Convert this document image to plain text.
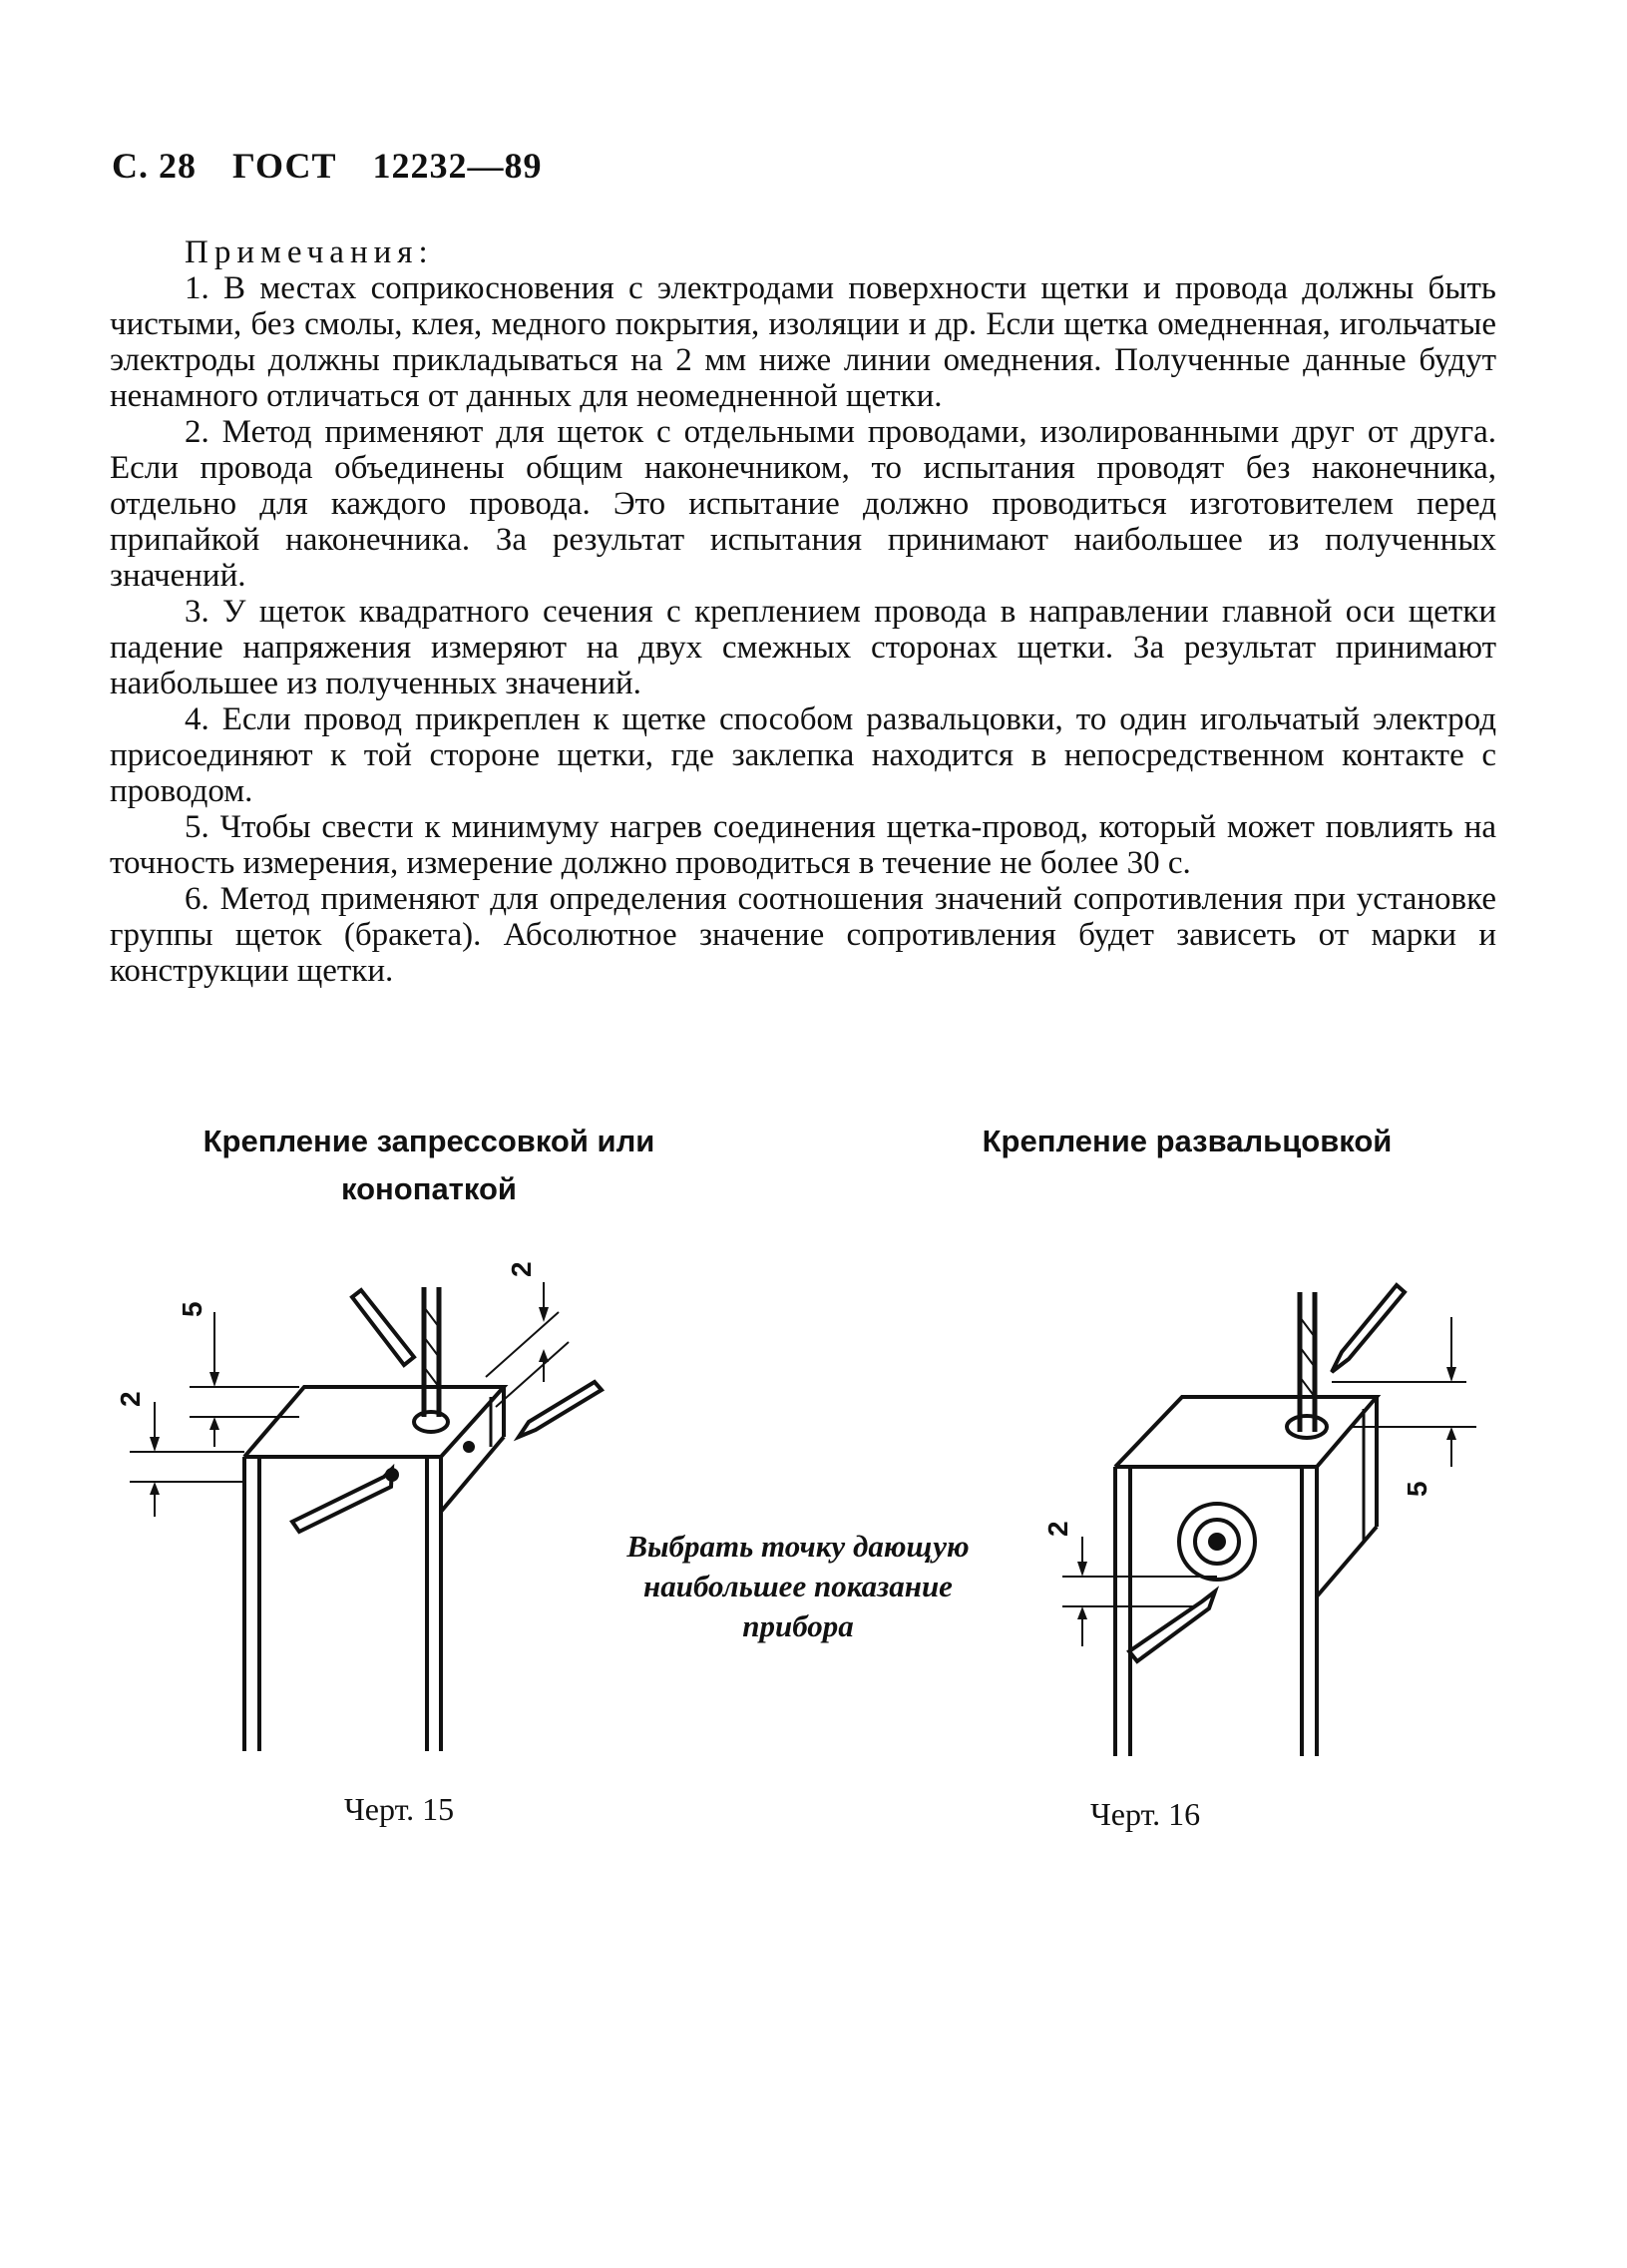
С. 28 ГОСТ 12232—89
Примечания:

1. В местах соприкосновения с электродами поверхности щетки и провода должны быть чистыми, без смолы, клея, медного покрытия, изоляции и др. Если щетка омедненная, игольчатые электроды должны прикладываться на 2 мм ниже линии омеднения. Полученные данные будут ненамного отличаться от данных для неомедненной щетки.

2. Метод применяют для щеток с отдельными проводами, изолированными друг от друга. Если провода объединены общим наконечником, то испытания проводят без наконечника, отдельно для каждого провода. Это испытание должно проводиться изготовителем перед припайкой наконечника. За результат испытания принимают наибольшее из полученных значений.

3. У щеток квадратного сечения с креплением провода в направлении главной оси щетки падение напряжения измеряют на двух смежных сторонах щетки. За результат принимают наибольшее из полученных значений.

4. Если провод прикреплен к щетке способом развальцовки, то один игольчатый электрод присоединяют к той стороне щетки, где заклепка находится в непосредственном контакте с проводом.

5. Чтобы свести к минимуму нагрев соединения щетка-провод, который может повлиять на точность измерения, измерение должно проводиться в течение не более 30 с.

6. Метод применяют для определения соотношения значений сопротивления при установке группы щеток (бракета). Абсолютное значение сопротивления будет зависеть от марки и конструкции щетки.

Крепление запрессовкой или конопаткой
Крепление развальцовкой
Выбрать точку дающую наибольшее показание прибора
Черт. 15	Черт. 16
5
2
2
5
2
